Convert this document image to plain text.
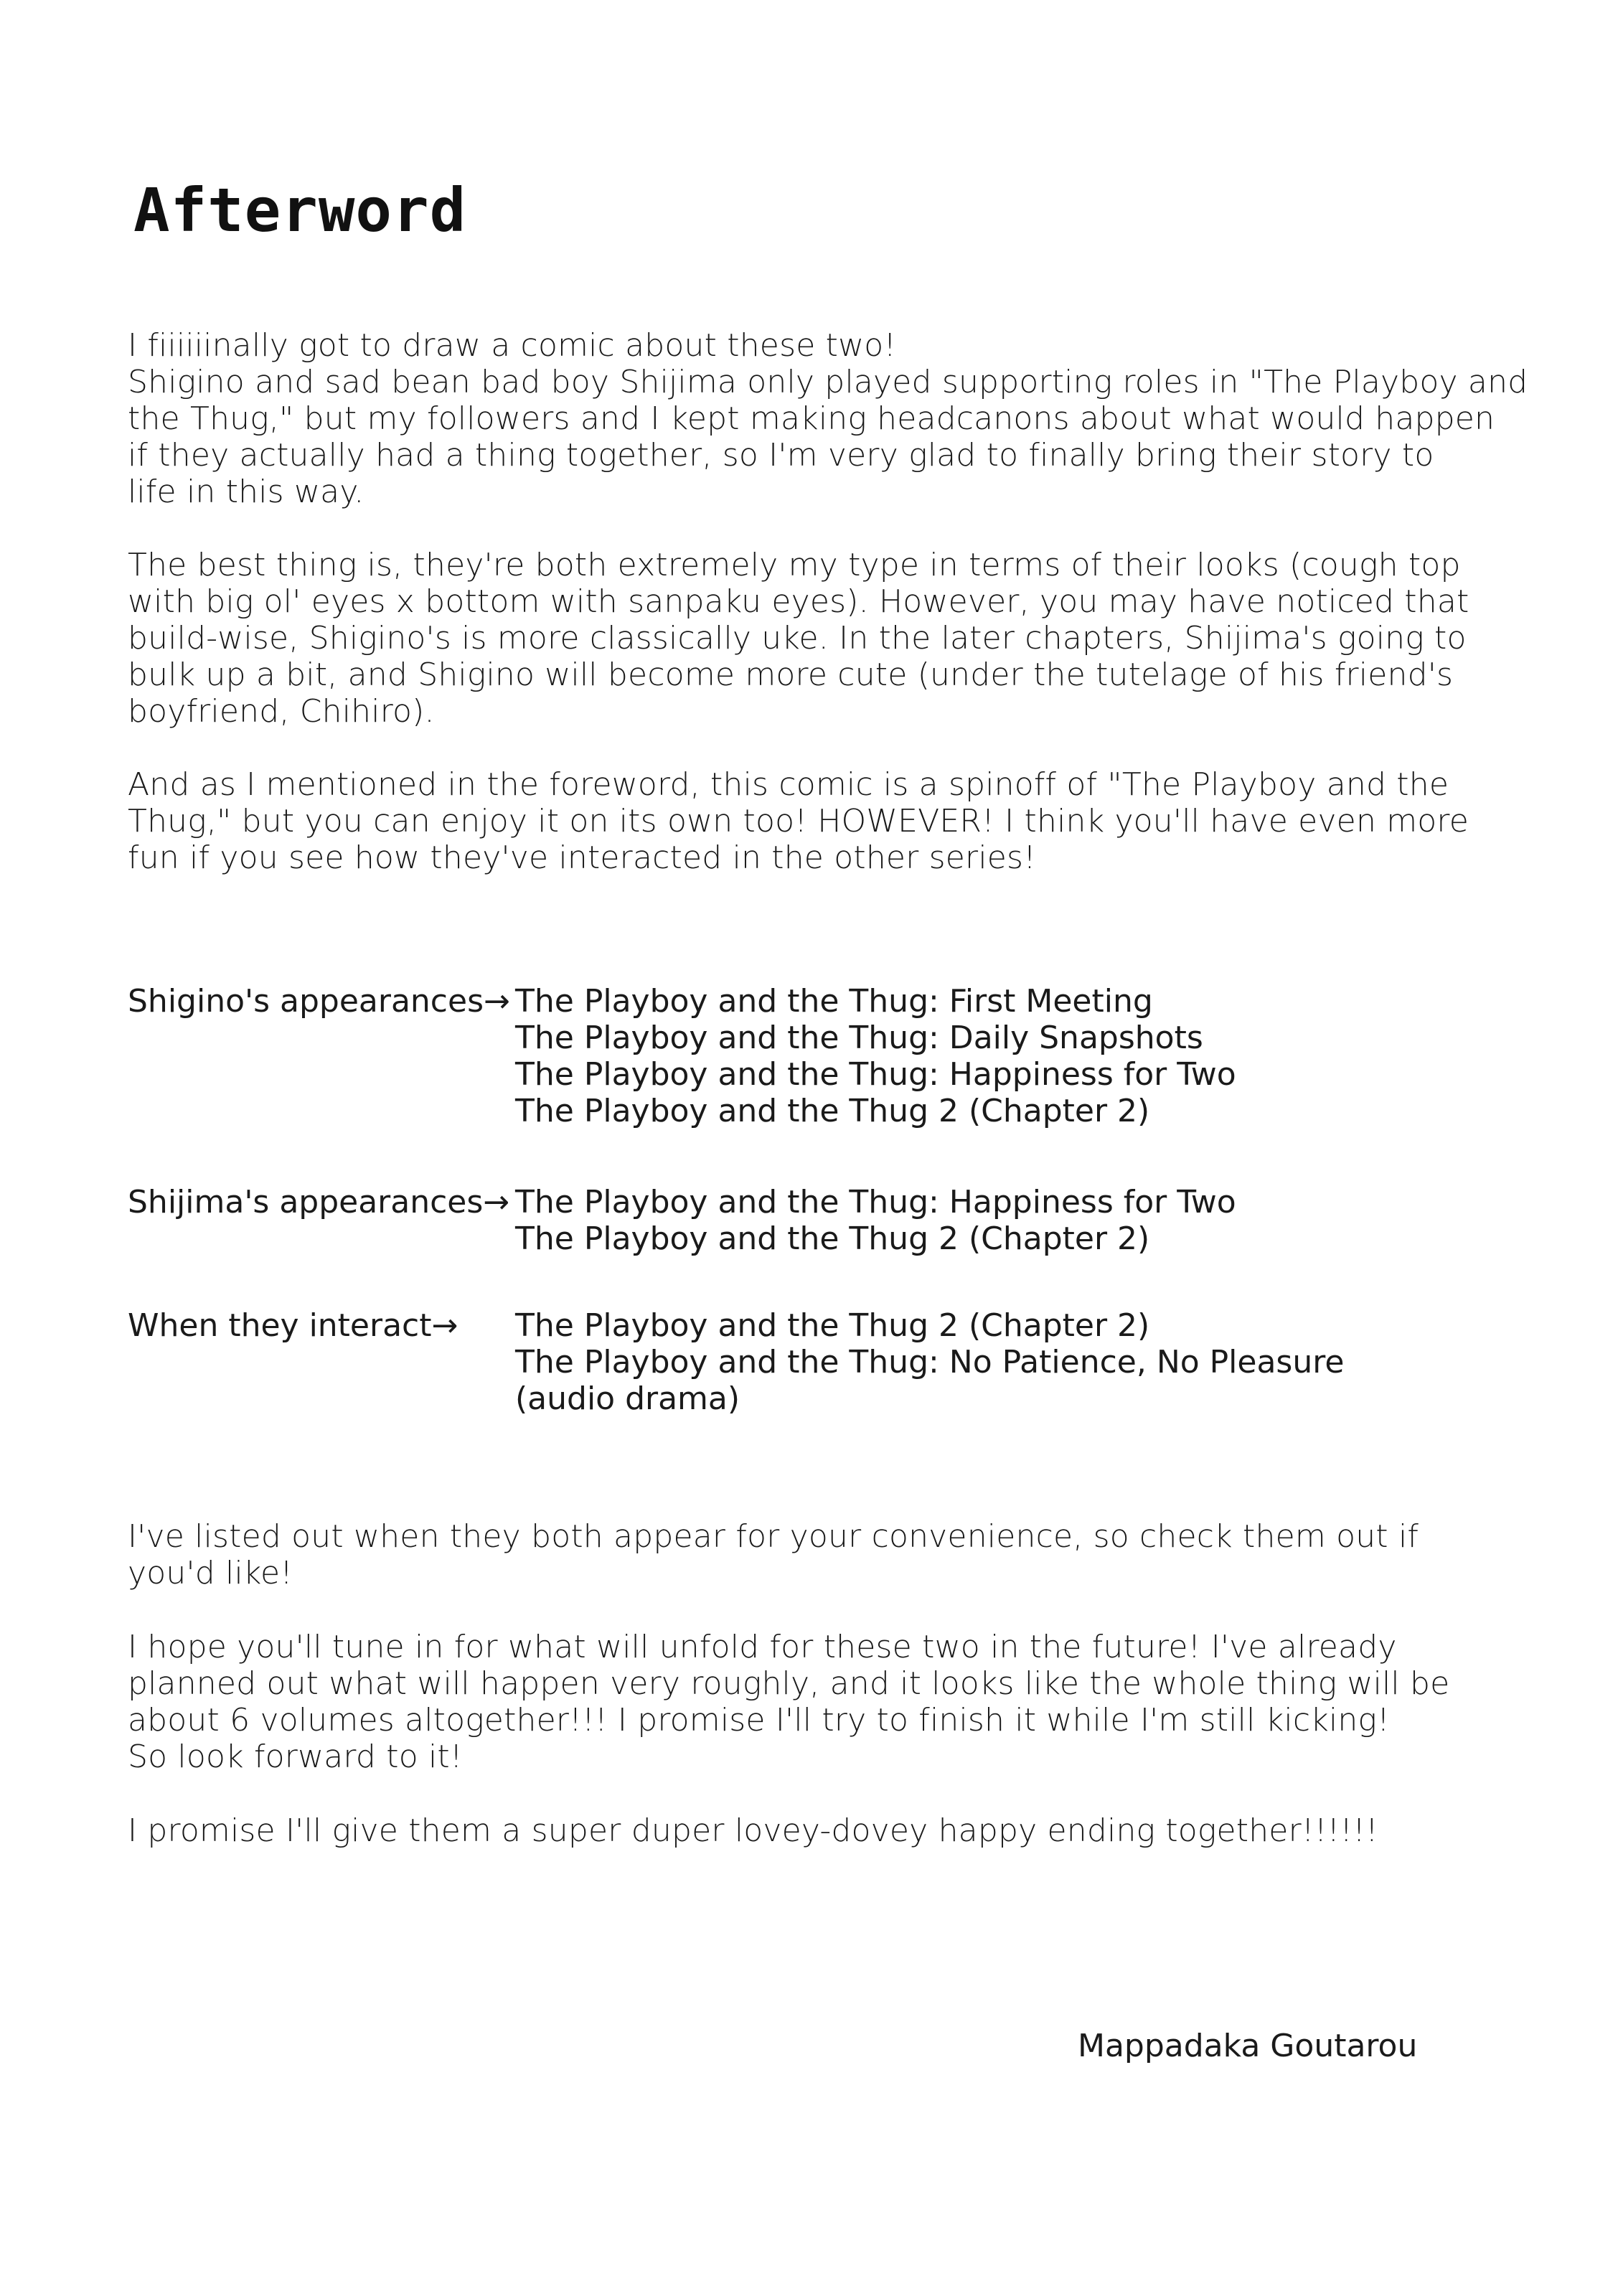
Afterword
I fiiiiiinally got to draw a comic about these two!
Shigino and sad bean bad boy Shijima only played supporting roles in "The Playboy and
the Thug," but my followers and I kept making headcanons about what would happen
if they actually had a thing together, so I'm very glad to finally bring their story to
life in this way.
The best thing is, they're both extremely my type in terms of their looks (cough top
with big ol' eyes x bottom with sanpaku eyes). However, you may have noticed that
build-wise, Shigino's is more classically uke. In the later chapters, Shijima's going to
bulk up a bit, and Shigino will become more cute (under the tutelage of his friend's
boyfriend, Chihiro).
And as I mentioned in the foreword, this comic is a spinoff of "The Playboy and the
Thug," but you can enjoy it on its own too! HOWEVER! I think you'll have even more
fun if you see how they've interacted in the other series!
Shigino's appearances→ The Playboy and the Thug: First Meeting
The Playboy and the Thug: Daily Snapshots
The Playboy and the Thug: Happiness for Two
The Playboy and the Thug 2 (Chapter 2)
Shijima's appearances→ The Playboy and the Thug: Happiness for Two
The Playboy and the Thug 2 (Chapter 2)
When they interact→ The Playboy and the Thug 2 (Chapter 2)
The Playboy and the Thug: No Patience, No Pleasure
(audio drama)
I've listed out when they both appear for your convenience, so check them out if
you'd like!
I hope you'll tune in for what will unfold for these two in the future! I've already
planned out what will happen very roughly, and it looks like the whole thing will be
about 6 volumes altogether!!! I promise I'll try to finish it while I'm still kicking!
So look forward to it!
I promise I'll give them a super duper lovey-dovey happy ending together!!!!!!
Mappadaka Goutarou
